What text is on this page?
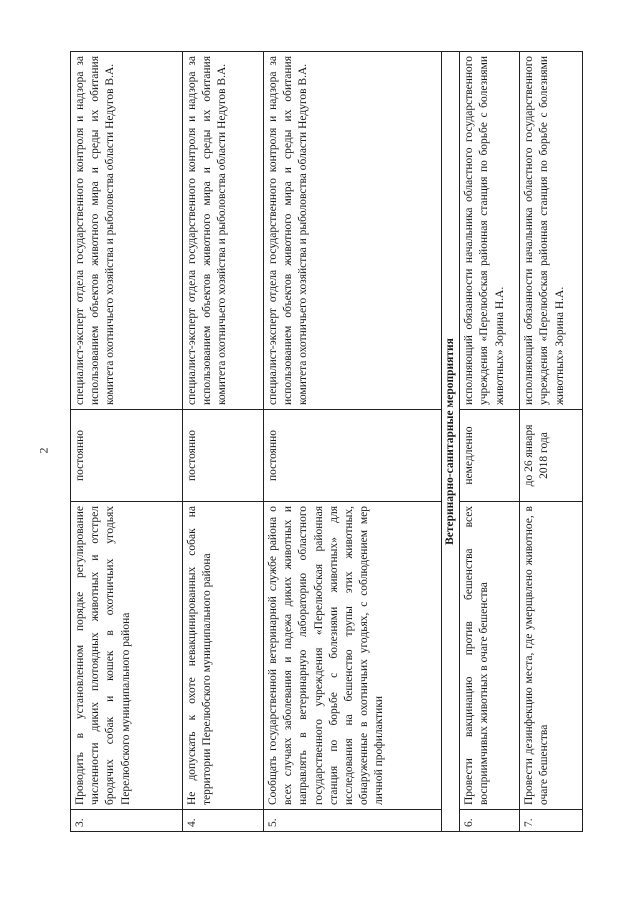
2
3.	Проводить в установленном порядке регулирование численности диких плотоядных животных и отстрел бродячих собак и кошек в охотничьих угодьях Перелюбского муниципального района	постоянно	специалист-эксперт отдела государственного контроля и надзора за использованием объектов животного мира и среды их обитания комитета охотничьего хозяйства и рыболовства области Недугов В.А.
4.	Не допускать к охоте невакцинированных собак на территории Перелюбского муниципального района	постоянно	специалист-эксперт отдела государственного контроля и надзора за использованием объектов животного мира и среды их обитания комитета охотничьего хозяйства и рыболовства области Недугов В.А.
5.	Сообщать государственной ветеринарной службе района о всех случаях заболевания и падежа диких животных и направлять в ветеринарную лабораторию областного государственного учреждения «Перелюбская районная станция по борьбе с болезнями животных» для исследования на бешенство трупы этих животных, обнаруженные в охотничьих угодьях, с соблюдением мер личной профилактики	постоянно	специалист-эксперт отдела государственного контроля и надзора за использованием объектов животного мира и среды их обитания комитета охотничьего хозяйства и рыболовства области Недугов В.А.
Ветеринарно-санитарные мероприятия			
6.	Провести вакцинацию против бешенства всех восприимчивых животных в очаге бешенства	немедленно	исполняющий обязанности начальника областного государственного учреждения «Перелюбская районная станция по борьбе с болезнями животных» Зорина Н.А.
7.	Провести дезинфекцию места, где умерщвлено животное, в очаге бешенства	до 26 января 2018 года	исполняющий обязанности начальника областного государственного учреждения «Перелюбская районная станция по борьбе с болезнями животных» Зорина Н.А.
